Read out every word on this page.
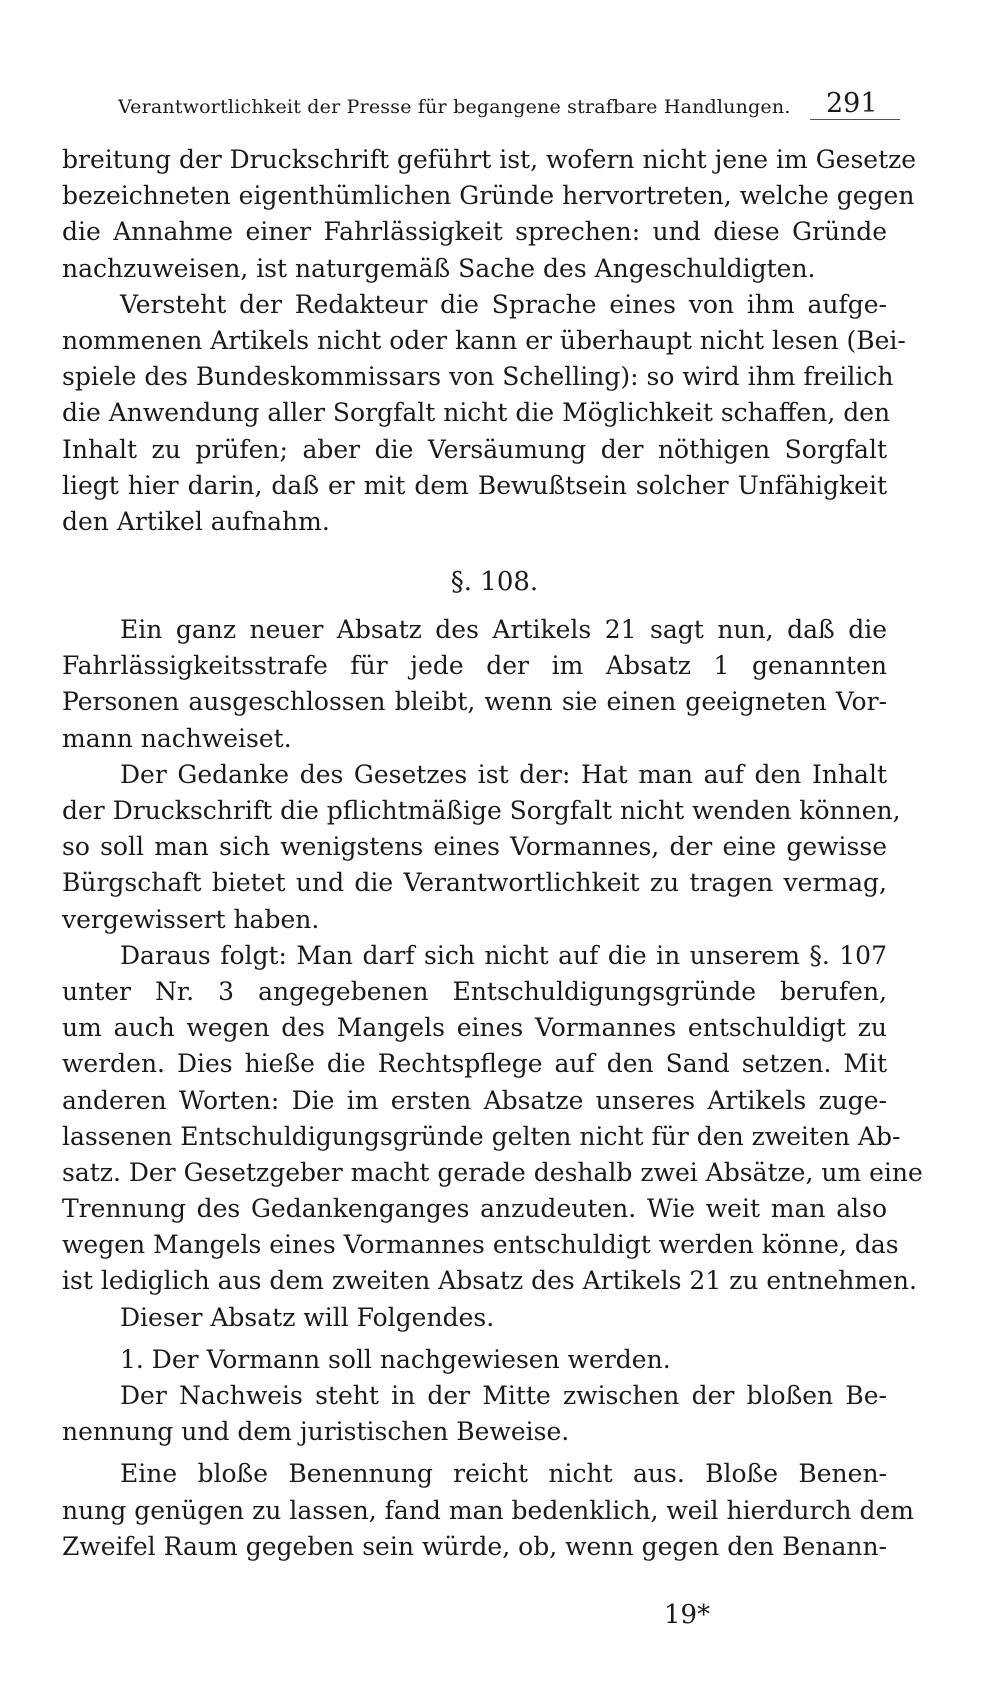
Verantwortlichkeit der Presse für begangene strafbare Handlungen.	291
breitung der Druckschrift geführt ist, wofern nicht jene im Gesetze
bezeichneten eigenthümlichen Gründe hervortreten, welche gegen
die Annahme einer Fahrlässigkeit sprechen: und diese Gründe
nachzuweisen, ist naturgemäß Sache des Angeschuldigten.
Versteht der Redakteur die Sprache eines von ihm aufge-
nommenen Artikels nicht oder kann er überhaupt nicht lesen (Bei-
spiele des Bundeskommissars von Schelling): so wird ihm freilich
die Anwendung aller Sorgfalt nicht die Möglichkeit schaffen, den
Inhalt zu prüfen; aber die Versäumung der nöthigen Sorgfalt
liegt hier darin, daß er mit dem Bewußtsein solcher Unfähigkeit
den Artikel aufnahm.
§. 108.
Ein ganz neuer Absatz des Artikels 21 sagt nun, daß die
Fahrlässigkeitsstrafe für jede der im Absatz 1 genannten
Personen ausgeschlossen bleibt, wenn sie einen geeigneten Vor-
mann nachweiset.
Der Gedanke des Gesetzes ist der: Hat man auf den Inhalt
der Druckschrift die pflichtmäßige Sorgfalt nicht wenden können,
so soll man sich wenigstens eines Vormannes, der eine gewisse
Bürgschaft bietet und die Verantwortlichkeit zu tragen vermag,
vergewissert haben.
Daraus folgt: Man darf sich nicht auf die in unserem §. 107
unter Nr. 3 angegebenen Entschuldigungsgründe berufen,
um auch wegen des Mangels eines Vormannes entschuldigt zu
werden. Dies hieße die Rechtspflege auf den Sand setzen. Mit
anderen Worten: Die im ersten Absatze unseres Artikels zuge-
lassenen Entschuldigungsgründe gelten nicht für den zweiten Ab-
satz. Der Gesetzgeber macht gerade deshalb zwei Absätze, um eine
Trennung des Gedankenganges anzudeuten. Wie weit man also
wegen Mangels eines Vormannes entschuldigt werden könne, das
ist lediglich aus dem zweiten Absatz des Artikels 21 zu entnehmen.
Dieser Absatz will Folgendes.
1. Der Vormann soll nachgewiesen werden.
Der Nachweis steht in der Mitte zwischen der bloßen Be-
nennung und dem juristischen Beweise.
Eine bloße Benennung reicht nicht aus. Bloße Benen-
nung genügen zu lassen, fand man bedenklich, weil hierdurch dem
Zweifel Raum gegeben sein würde, ob, wenn gegen den Benann-
19*
